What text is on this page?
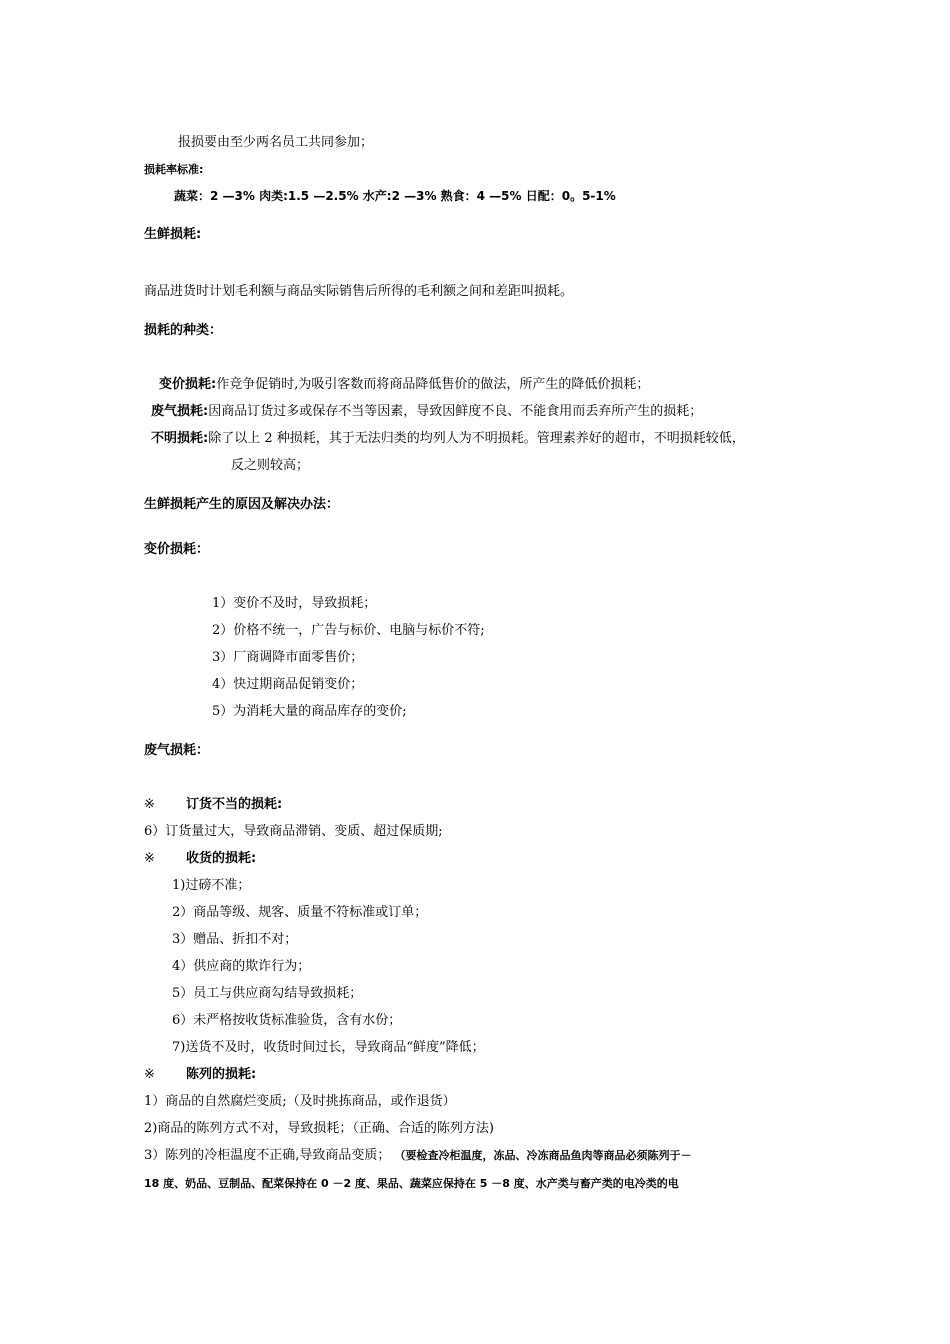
报损要由至少两名员工共同参加；
损耗率标准:
蔬菜：2 —3% 肉类:1.5 —2.5% 水产:2 —3% 熟食：4 —5% 日配：0。5-1%
生鲜损耗:
商品进货时计划毛利额与商品实际销售后所得的毛利额之间和差距叫损耗。
损耗的种类：
变价损耗:作竞争促销时,为吸引客数而将商品降低售价的做法，所产生的降低价损耗；
废气损耗:因商品订货过多或保存不当等因素，导致因鲜度不良、不能食用而丢弃所产生的损耗；
不明损耗:除了以上 2 种损耗，其于无法归类的均列人为不明损耗。管理素养好的超市，不明损耗较低，
反之则较高；
生鲜损耗产生的原因及解决办法：
变价损耗：
1）变价不及时，导致损耗；
2）价格不统一，广告与标价、电脑与标价不符;
3）厂商调降市面零售价；
4）快过期商品促销变价；
5）为消耗大量的商品库存的变价;
废气损耗：
※ 订货不当的损耗:
6）订货量过大，导致商品滞销、变质、超过保质期;
※ 收货的损耗:
1)过磅不准；
2）商品等级、规客、质量不符标准或订单；
3）赠品、折扣不对；
4）供应商的欺诈行为；
5）员工与供应商勾结导致损耗；
6）未严格按收货标准验货，含有水份；
7)送货不及时，收货时间过长，导致商品“鲜度”降低；
※ 陈列的损耗:
1）商品的自然腐烂变质;（及时挑拣商品，或作退货）
2)商品的陈列方式不对，导致损耗；（正确、合适的陈列方法)
3）陈列的冷柜温度不正确,导致商品变质； （要检查冷柜温度，冻品、冷冻商品鱼肉等商品必须陈列于－
18 度、奶品、豆制品、配菜保持在 0 －2 度、果品、蔬菜应保持在 5 －8 度、水产类与畜产类的电冷类的电
